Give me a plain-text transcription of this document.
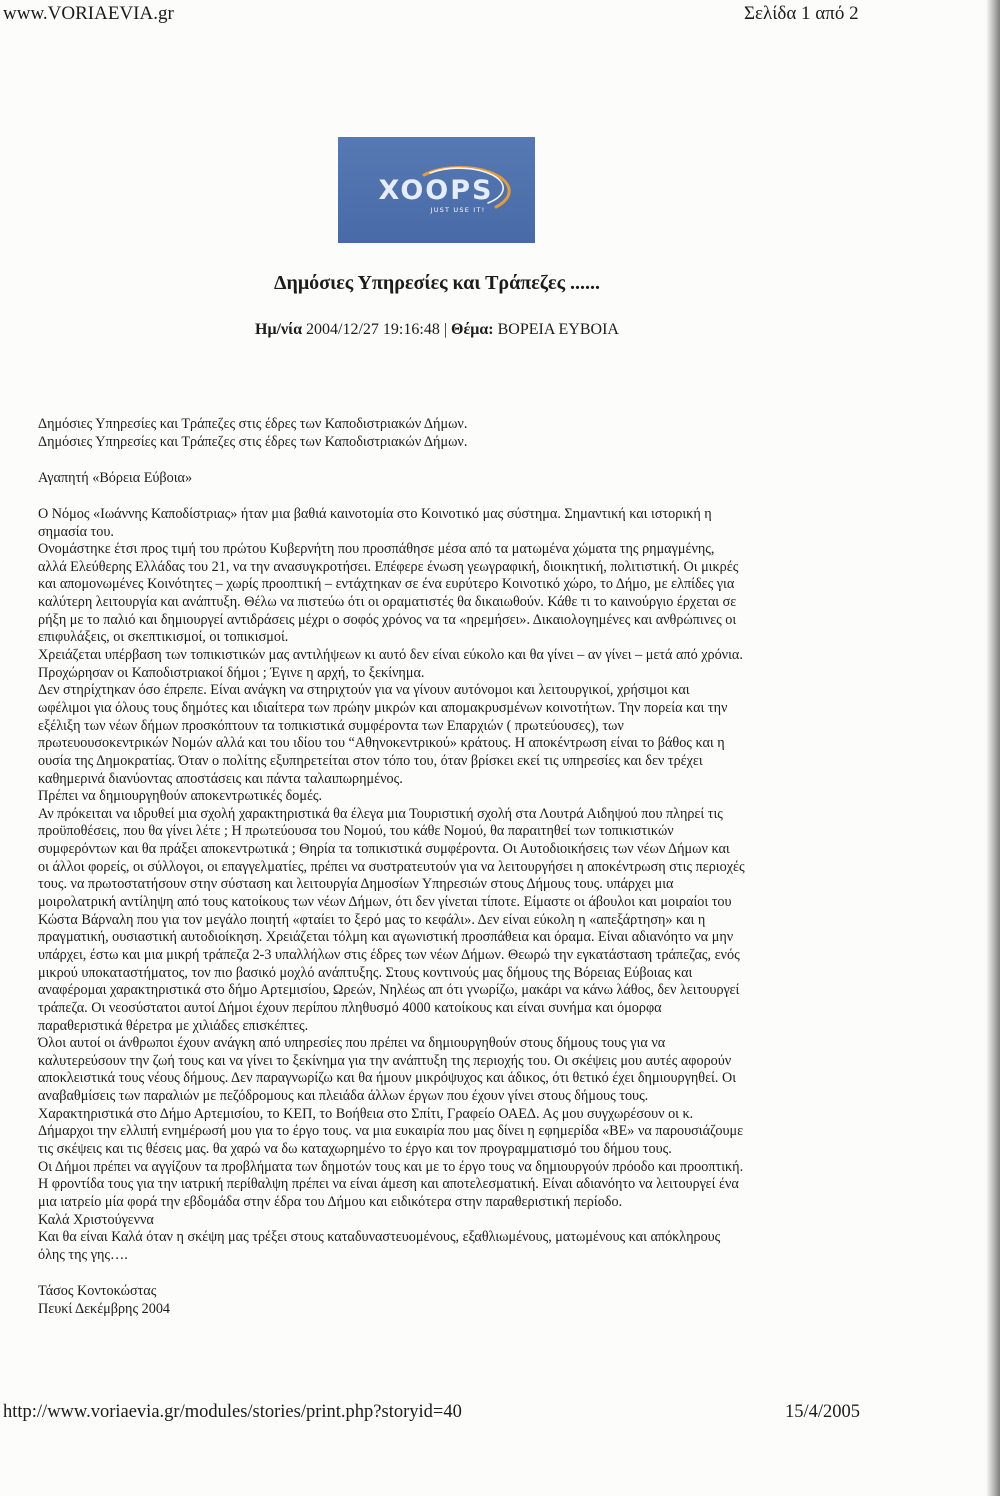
www.VORIAEVIA.gr	Σελίδα 1 από 2
XOOPS
JUST USE IT!
Δημόσιες Υπηρεσίες και Τράπεζες ......
Ημ/νία 2004/12/27 19:16:48 | Θέμα: ΒΟΡΕΙΑ ΕΥΒΟΙΑ
Δημόσιες Υπηρεσίες και Τράπεζες στις έδρες των Καποδιστριακών Δήμων.
Δημόσιες Υπηρεσίες και Τράπεζες στις έδρες των Καποδιστριακών Δήμων.
Αγαπητή «Βόρεια Εύβοια»
Ο Νόμος «Ιωάννης Καποδίστριας» ήταν μια βαθιά καινοτομία στο Κοινοτικό μας σύστημα. Σημαντική και ιστορική η
σημασία του.
Ονομάστηκε έτσι προς τιμή του πρώτου Κυβερνήτη που προσπάθησε μέσα από τα ματωμένα χώματα της ρημαγμένης,
αλλά Ελεύθερης Ελλάδας του 21, να την ανασυγκροτήσει. Επέφερε ένωση γεωγραφική, διοικητική, πολιτιστική. Οι μικρές
και απομονωμένες Κοινότητες – χωρίς προοπτική – εντάχτηκαν σε ένα ευρύτερο Κοινοτικό χώρο, το Δήμο, με ελπίδες για
καλύτερη λειτουργία και ανάπτυξη. Θέλω να πιστεύω ότι οι οραματιστές θα δικαιωθούν. Κάθε τι το καινούργιο έρχεται σε
ρήξη με το παλιό και δημιουργεί αντιδράσεις μέχρι ο σοφός χρόνος να τα «ηρεμήσει». Δικαιολογημένες και ανθρώπινες οι
επιφυλάξεις, οι σκεπτικισμοί, οι τοπικισμοί.
Χρειάζεται υπέρβαση των τοπικιστικών μας αντιλήψεων κι αυτό δεν είναι εύκολο και θα γίνει – αν γίνει – μετά από χρόνια.
Προχώρησαν οι Καποδιστριακοί δήμοι ; Έγινε η αρχή, το ξεκίνημα.
Δεν στηρίχτηκαν όσο έπρεπε. Είναι ανάγκη να στηριχτούν για να γίνουν αυτόνομοι και λειτουργικοί, χρήσιμοι και
ωφέλιμοι για όλους τους δημότες και ιδιαίτερα των πρώην μικρών και απομακρυσμένων κοινοτήτων. Την πορεία και την
εξέλιξη των νέων δήμων προσκόπτουν τα τοπικιστικά συμφέροντα των Επαρχιών ( πρωτεύουσες), των
πρωτευουσοκεντρικών Νομών αλλά και του ιδίου του “Αθηνοκεντρικού» κράτους. Η αποκέντρωση είναι το βάθος και η
ουσία της Δημοκρατίας. Όταν ο πολίτης εξυπηρετείται στον τόπο του, όταν βρίσκει εκεί τις υπηρεσίες και δεν τρέχει
καθημερινά διανύοντας αποστάσεις και πάντα ταλαιπωρημένος.
Πρέπει να δημιουργηθούν αποκεντρωτικές δομές.
Αν πρόκειται να ιδρυθεί μια σχολή χαρακτηριστικά θα έλεγα μια Τουριστική σχολή στα Λουτρά Αιδηψού που πληρεί τις
προϋποθέσεις, που θα γίνει λέτε ; Η πρωτεύουσα του Νομού, του κάθε Νομού, θα παραιτηθεί των τοπικιστικών
συμφερόντων και θα πράξει αποκεντρωτικά ; Θηρία τα τοπικιστικά συμφέροντα. Οι Αυτοδιοικήσεις των νέων Δήμων και
οι άλλοι φορείς, οι σύλλογοι, οι επαγγελματίες, πρέπει να συστρατευτούν για να λειτουργήσει η αποκέντρωση στις περιοχές
τους. να πρωτοστατήσουν στην σύσταση και λειτουργία Δημοσίων Υπηρεσιών στους Δήμους τους. υπάρχει μια
μοιρολατρική αντίληψη από τους κατοίκους των νέων Δήμων, ότι δεν γίνεται τίποτε. Είμαστε οι άβουλοι και μοιραίοι του
Κώστα Βάρναλη που για τον μεγάλο ποιητή «φταίει το ξερό μας το κεφάλι». Δεν είναι εύκολη η «απεξάρτηση» και η
πραγματική, ουσιαστική αυτοδιοίκηση. Χρειάζεται τόλμη και αγωνιστική προσπάθεια και όραμα. Είναι αδιανόητο να μην
υπάρχει, έστω και μια μικρή τράπεζα 2-3 υπαλλήλων στις έδρες των νέων Δήμων. Θεωρώ την εγκατάσταση τράπεζας, ενός
μικρού υποκαταστήματος, τον πιο βασικό μοχλό ανάπτυξης. Στους κοντινούς μας δήμους της Βόρειας Εύβοιας και
αναφέρομαι χαρακτηριστικά στο δήμο Αρτεμισίου, Ωρεών, Νηλέως απ ότι γνωρίζω, μακάρι να κάνω λάθος, δεν λειτουργεί
τράπεζα. Οι νεοσύστατοι αυτοί Δήμοι έχουν περίπου πληθυσμό 4000 κατοίκους και είναι συνήμα και όμορφα
παραθεριστικά θέρετρα με χιλιάδες επισκέπτες.
Όλοι αυτοί οι άνθρωποι έχουν ανάγκη από υπηρεσίες που πρέπει να δημιουργηθούν στους δήμους τους για να
καλυτερεύσουν την ζωή τους και να γίνει το ξεκίνημα για την ανάπτυξη της περιοχής του. Οι σκέψεις μου αυτές αφορούν
αποκλειστικά τους νέους δήμους. Δεν παραγνωρίζω και θα ήμουν μικρόψυχος και άδικος, ότι θετικό έχει δημιουργηθεί. Οι
αναβαθμίσεις των παραλιών με πεζόδρομους και πλειάδα άλλων έργων που έχουν γίνει στους δήμους τους.
Χαρακτηριστικά στο Δήμο Αρτεμισίου, το ΚΕΠ, το Βοήθεια στο Σπίτι, Γραφείο ΟΑΕΔ. Ας μου συγχωρέσουν οι κ.
Δήμαρχοι την ελλιπή ενημέρωσή μου για το έργο τους. να μια ευκαιρία που μας δίνει η εφημερίδα «ΒΕ» να παρουσιάζουμε
τις σκέψεις και τις θέσεις μας. θα χαρώ να δω καταχωρημένο το έργο και τον προγραμματισμό του δήμου τους.
Οι Δήμοι πρέπει να αγγίζουν τα προβλήματα των δημοτών τους και με το έργο τους να δημιουργούν πρόοδο και προοπτική.
Η φροντίδα τους για την ιατρική περίθαλψη πρέπει να είναι άμεση και αποτελεσματική. Είναι αδιανόητο να λειτουργεί ένα
μια ιατρείο μία φορά την εβδομάδα στην έδρα του Δήμου και ειδικότερα στην παραθεριστική περίοδο.
Καλά Χριστούγεννα
Και θα είναι Καλά όταν η σκέψη μας τρέξει στους καταδυναστευομένους, εξαθλιωμένους, ματωμένους και απόκληρους
όλης της γης….
Τάσος Κοντοκώστας
Πευκί Δεκέμβρης 2004
http://www.voriaevia.gr/modules/stories/print.php?storyid=40	15/4/2005
